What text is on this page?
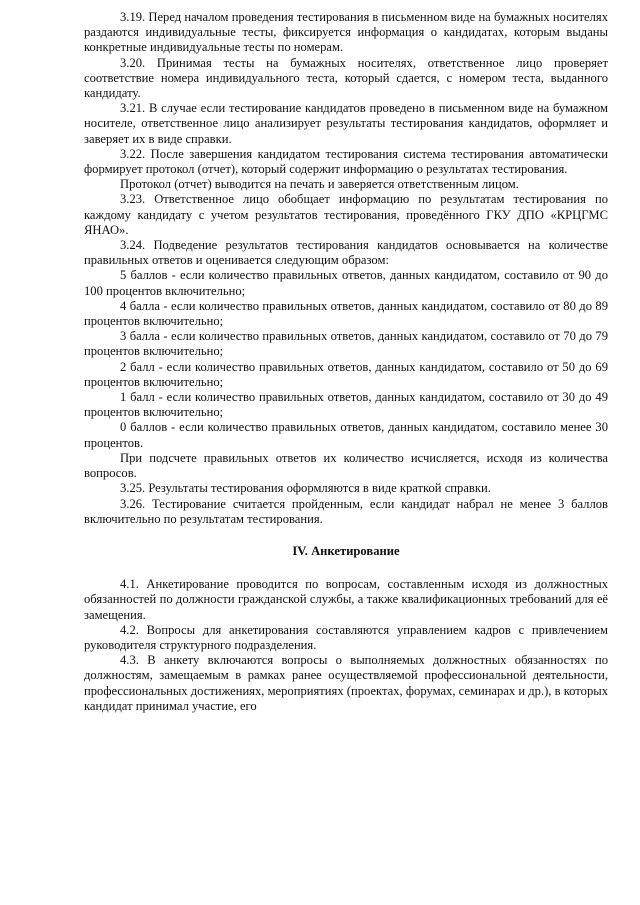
3.19. Перед началом проведения тестирования в письменном виде на бумажных носителях раздаются индивидуальные тесты, фиксируется информация о кандидатах, которым выданы конкретные индивидуальные тесты по номерам.

3.20. Принимая тесты на бумажных носителях, ответственное лицо проверяет соответствие номера индивидуального теста, который сдается, с номером теста, выданного кандидату.

3.21. В случае если тестирование кандидатов проведено в письменном виде на бумажном носителе, ответственное лицо анализирует результаты тестирования кандидатов, оформляет и заверяет их в виде справки.

3.22. После завершения кандидатом тестирования система тестирования автоматически формирует протокол (отчет), который содержит информацию о результатах тестирования.

Протокол (отчет) выводится на печать и заверяется ответственным лицом.

3.23. Ответственное лицо обобщает информацию по результатам тестирования по каждому кандидату с учетом результатов тестирования, проведённого ГКУ ДПО «КРЦГМС ЯНАО».

3.24. Подведение результатов тестирования кандидатов основывается на количестве правильных ответов и оценивается следующим образом:

5 баллов - если количество правильных ответов, данных кандидатом, составило от 90 до 100 процентов включительно;

4 балла - если количество правильных ответов, данных кандидатом, составило от 80 до 89 процентов включительно;

3 балла - если количество правильных ответов, данных кандидатом, составило от 70 до 79 процентов включительно;

2 балл - если количество правильных ответов, данных кандидатом, составило от 50 до 69 процентов включительно;

1 балл - если количество правильных ответов, данных кандидатом, составило от 30 до 49 процентов включительно;

0 баллов - если количество правильных ответов, данных кандидатом, составило менее 30 процентов.

При подсчете правильных ответов их количество исчисляется, исходя из количества вопросов.

3.25. Результаты тестирования оформляются в виде краткой справки.

3.26. Тестирование считается пройденным, если кандидат набрал не менее 3 баллов включительно по результатам тестирования.

IV. Анкетирование

4.1. Анкетирование проводится по вопросам, составленным исходя из должностных обязанностей по должности гражданской службы, а также квалификационных требований для её замещения.

4.2. Вопросы для анкетирования составляются управлением кадров с привлечением руководителя структурного подразделения.

4.3. В анкету включаются вопросы о выполняемых должностных обязанностях по должностям, замещаемым в рамках ранее осуществляемой профессиональной деятельности, профессиональных достижениях, мероприятиях (проектах, форумах, семинарах и др.), в которых кандидат принимал участие, его
